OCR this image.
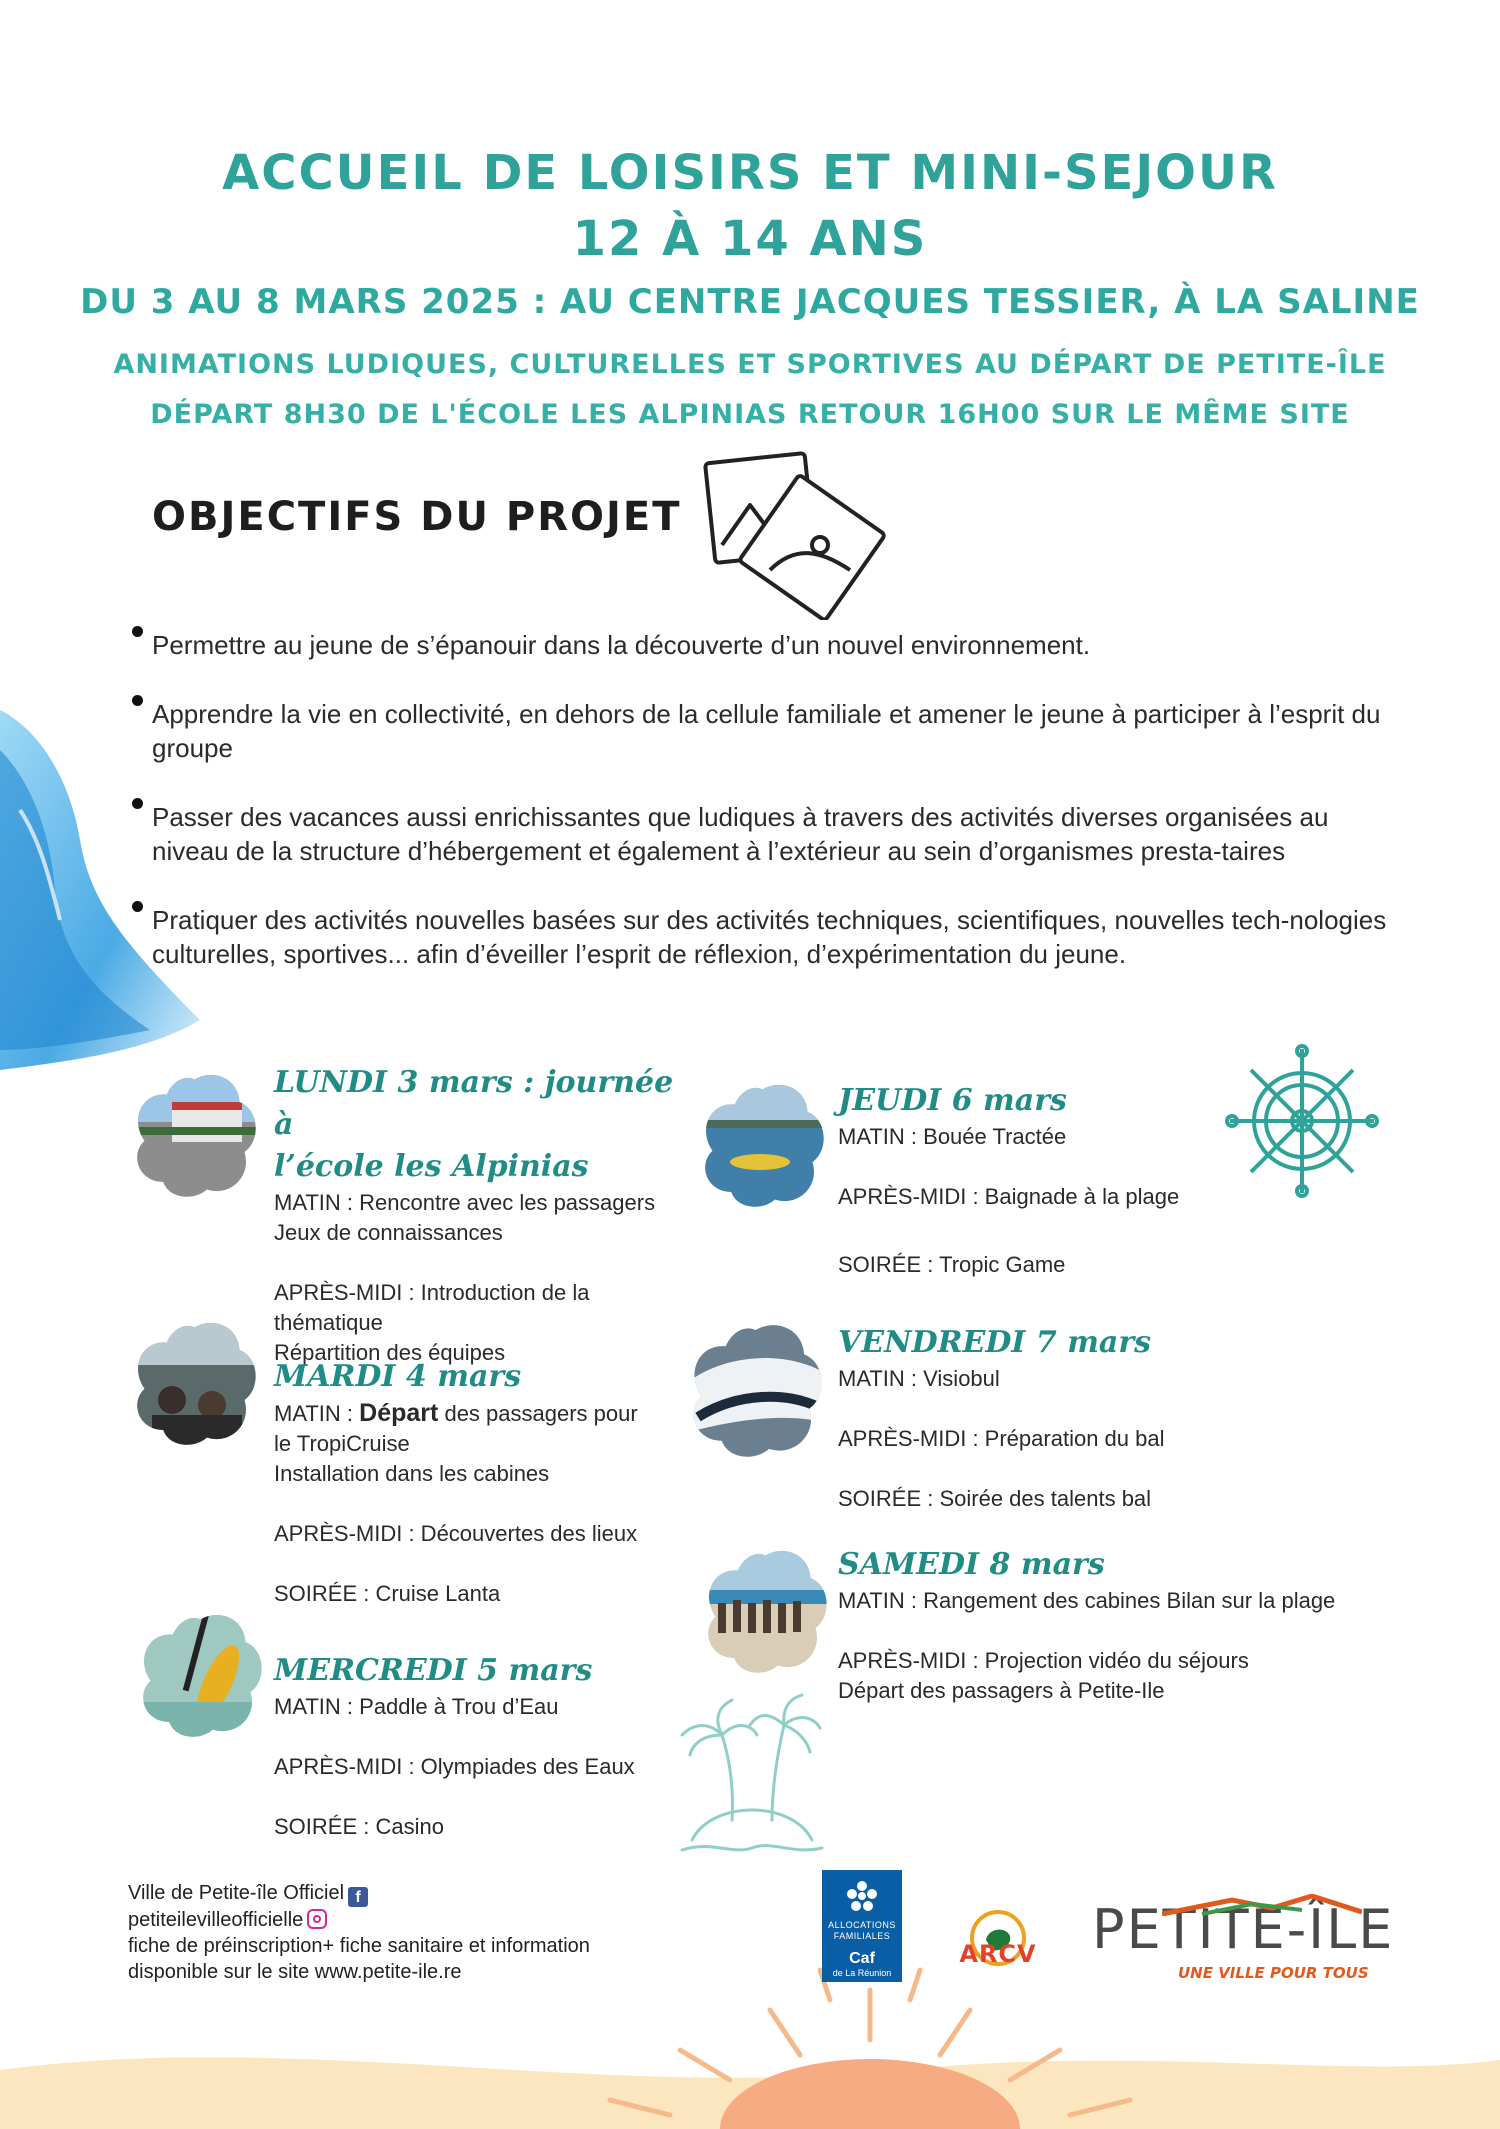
ACCUEIL DE LOISIRS ET MINI-SEJOUR
12 À 14 ANS
DU 3 AU 8 MARS 2025 : AU CENTRE JACQUES TESSIER, À LA SALINE
ANIMATIONS LUDIQUES, CULTURELLES ET SPORTIVES AU DÉPART DE PETITE-ÎLE
DÉPART 8H30 DE L'ÉCOLE LES ALPINIAS RETOUR 16H00 SUR LE MÊME SITE
OBJECTIFS DU PROJET
Permettre au jeune de s’épanouir dans la découverte d’un nouvel environnement.
Apprendre la vie en collectivité, en dehors de la cellule familiale et amener le jeune à participer à l’esprit du groupe
Passer des vacances aussi enrichissantes que ludiques à travers des activités diverses organisées au niveau de la structure d’hébergement et également à l’extérieur au sein d’organismes presta-taires
Pratiquer des activités nouvelles basées sur des activités techniques, scientifiques, nouvelles tech-nologies culturelles, sportives... afin d’éveiller l’esprit de réflexion, d’expérimentation du jeune.
LUNDI 3 mars : journée à
l’école les Alpinias
MATIN : Rencontre avec les passagers
Jeux de connaissances
APRÈS-MIDI : Introduction de la
thématique
Répartition des équipes
MARDI 4 mars
MATIN : Départ des passagers pour
le TropiCruise
Installation dans les cabines
APRÈS-MIDI : Découvertes des lieux
SOIRÉE : Cruise Lanta
MERCREDI 5 mars
MATIN : Paddle à Trou d’Eau
APRÈS-MIDI : Olympiades des Eaux
SOIRÉE : Casino
JEUDI 6 mars
MATIN : Bouée Tractée
APRÈS-MIDI : Baignade à la plage
SOIRÉE : Tropic Game
VENDREDI 7 mars
MATIN : Visiobul
APRÈS-MIDI : Préparation du bal
SOIRÉE : Soirée des talents bal
SAMEDI 8 mars
MATIN : Rangement des cabines Bilan sur la plage
APRÈS-MIDI : Projection vidéo du séjours
Départ des passagers à Petite-Ile
Ville de Petite-île Officiel f
petiteilevilleofficielle
fiche de préinscription+ fiche sanitaire et information
disponible sur le site www.petite-ile.re
ALLOCATIONS FAMILIALES
Caf
de La Réunion
ARCV PETITE-ÎLE
UNE VILLE POUR TOUS
